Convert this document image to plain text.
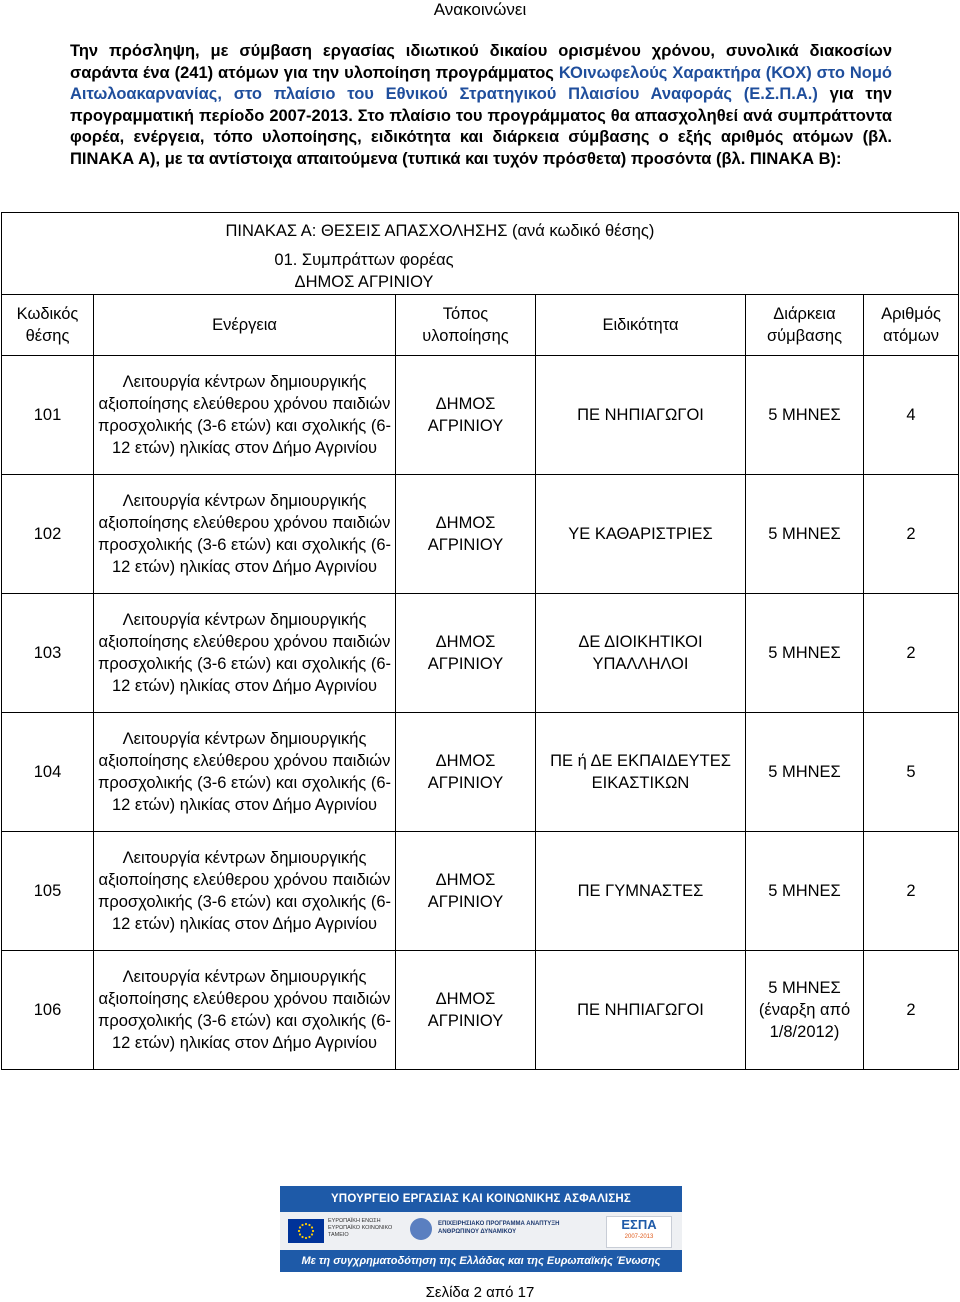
Ανακοινώνει
Την πρόσληψη, με σύμβαση εργασίας ιδιωτικού δικαίου ορισμένου χρόνου, συνολικά διακοσίων σαράντα ένα (241) ατόμων για την υλοποίηση προγράμματος ΚΟινωφελούς Χαρακτήρα (ΚΟΧ) στο Νομό Αιτωλοακαρνανίας, στο πλαίσιο του Εθνικού Στρατηγικού Πλαισίου Αναφοράς (Ε.Σ.Π.Α.) για την προγραμματική περίοδο 2007-2013. Στο πλαίσιο του προγράμματος θα απασχοληθεί ανά συμπράττοντα φορέα, ενέργεια, τόπο υλοποίησης, ειδικότητα και διάρκεια σύμβασης ο εξής αριθμός ατόμων (βλ. ΠΙΝΑΚΑ Α), με τα αντίστοιχα απαιτούμενα (τυπικά και τυχόν πρόσθετα) προσόντα (βλ. ΠΙΝΑΚΑ Β):
	ΠΙΝΑΚΑΣ Α: ΘΕΣΕΙΣ ΑΠΑΣΧΟΛΗΣΗΣ (ανά κωδικό θέσης)				

	01. Συμπράττων φορέας
ΔΗΜΟΣ ΑΓΡΙΝΙΟΥ				

Κωδικός θέσης	Ενέργεια	Τόπος υλοποίησης	Ειδικότητα	Διάρκεια σύμβασης	Αριθμός ατόμων
101	Λειτουργία κέντρων δημιουργικής αξιοποίησης ελεύθερου χρόνου παιδιών προσχολικής (3-6 ετών) και σχολικής (6-12 ετών) ηλικίας στον Δήμο Αγρινίου	ΔΗΜΟΣ ΑΓΡΙΝΙΟΥ	ΠΕ ΝΗΠΙΑΓΩΓΟΙ	5 ΜΗΝΕΣ	4
102	Λειτουργία κέντρων δημιουργικής αξιοποίησης ελεύθερου χρόνου παιδιών προσχολικής (3-6 ετών) και σχολικής (6-12 ετών) ηλικίας στον Δήμο Αγρινίου	ΔΗΜΟΣ ΑΓΡΙΝΙΟΥ	ΥΕ ΚΑΘΑΡΙΣΤΡΙΕΣ	5 ΜΗΝΕΣ	2
103	Λειτουργία κέντρων δημιουργικής αξιοποίησης ελεύθερου χρόνου παιδιών προσχολικής (3-6 ετών) και σχολικής (6-12 ετών) ηλικίας στον Δήμο Αγρινίου	ΔΗΜΟΣ ΑΓΡΙΝΙΟΥ	ΔΕ ΔΙΟΙΚΗΤΙΚΟΙ ΥΠΑΛΛΗΛΟΙ	5 ΜΗΝΕΣ	2
104	Λειτουργία κέντρων δημιουργικής αξιοποίησης ελεύθερου χρόνου παιδιών προσχολικής (3-6 ετών) και σχολικής (6-12 ετών) ηλικίας στον Δήμο Αγρινίου	ΔΗΜΟΣ ΑΓΡΙΝΙΟΥ	ΠΕ ή ΔΕ ΕΚΠΑΙΔΕΥΤΕΣ ΕΙΚΑΣΤΙΚΩΝ	5 ΜΗΝΕΣ	5
105	Λειτουργία κέντρων δημιουργικής αξιοποίησης ελεύθερου χρόνου παιδιών προσχολικής (3-6 ετών) και σχολικής (6-12 ετών) ηλικίας στον Δήμο Αγρινίου	ΔΗΜΟΣ ΑΓΡΙΝΙΟΥ	ΠΕ ΓΥΜΝΑΣΤΕΣ	5 ΜΗΝΕΣ	2
106	Λειτουργία κέντρων δημιουργικής αξιοποίησης ελεύθερου χρόνου παιδιών προσχολικής (3-6 ετών) και σχολικής (6-12 ετών) ηλικίας στον Δήμο Αγρινίου	ΔΗΜΟΣ ΑΓΡΙΝΙΟΥ	ΠΕ ΝΗΠΙΑΓΩΓΟΙ	5 ΜΗΝΕΣ (έναρξη από 1/8/2012)	2
ΥΠΟΥΡΓΕΙΟ ΕΡΓΑΣΙΑΣ ΚΑΙ ΚΟΙΝΩΝΙΚΗΣ ΑΣΦΑΛΙΣΗΣ
ΕΥΡΩΠΑΪΚΗ ΕΝΩΣΗ ΕΥΡΩΠΑΪΚΟ ΚΟΙΝΩΝΙΚΟ ΤΑΜΕΙΟ
ΕΠΙΧΕΙΡΗΣΙΑΚΟ ΠΡΟΓΡΑΜΜΑ ΑΝΑΠΤΥΞΗ ΑΝΘΡΩΠΙΝΟΥ ΔΥΝΑΜΙΚΟΥ	ΕΣΠΑ
2007-2013
Με τη συγχρηματοδότηση της Ελλάδας και της Ευρωπαϊκής Ένωσης
Σελίδα 2 από 17
